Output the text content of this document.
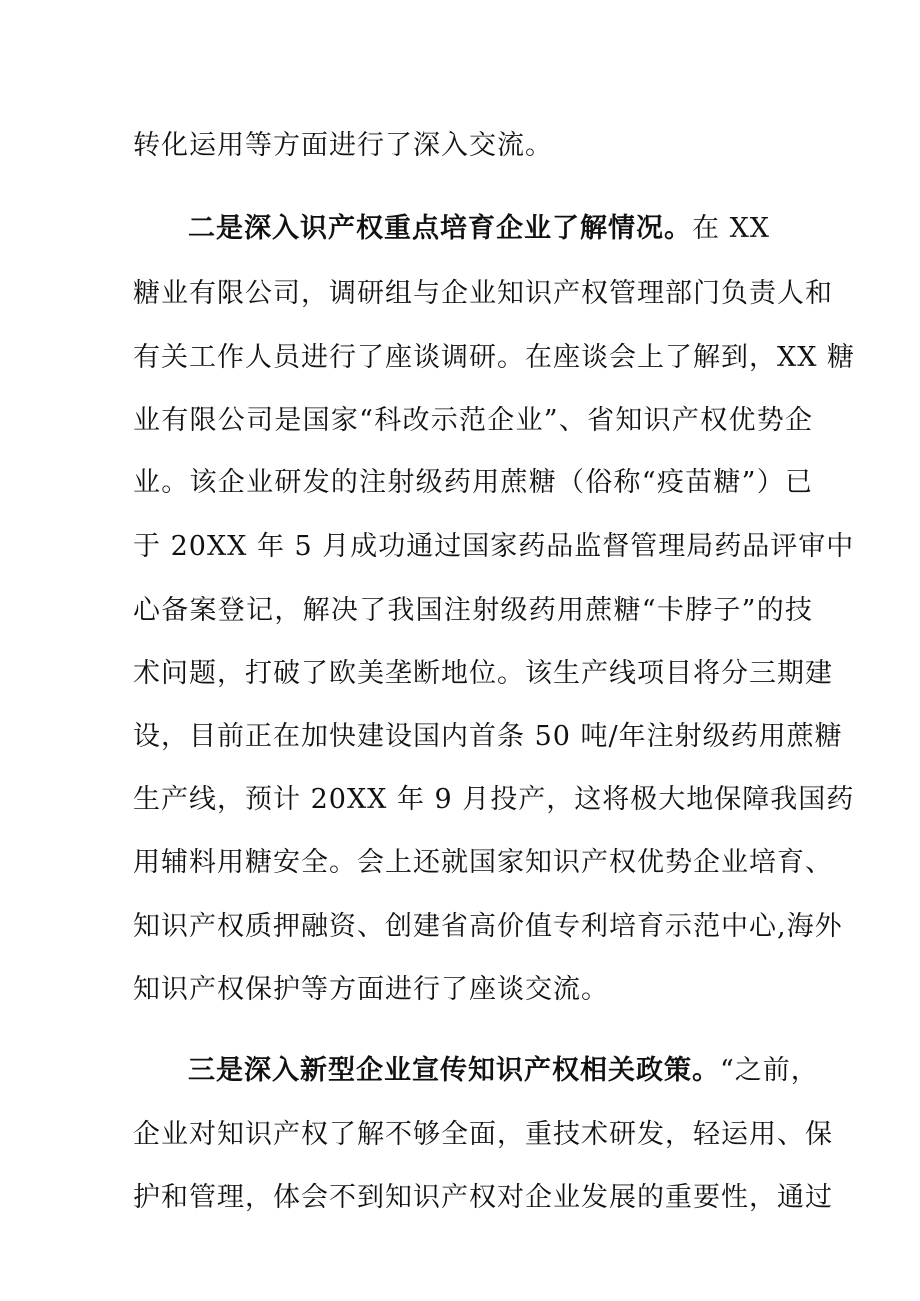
转化运用等方面进行了深入交流。
二是深入识产权重点培育企业了解情况。在 XX
糖业有限公司，调研组与企业知识产权管理部门负责人和
有关工作人员进行了座谈调研。在座谈会上了解到，XX 糖
业有限公司是国家“科改示范企业”、省知识产权优势企
业。该企业研发的注射级药用蔗糖（俗称“疫苗糖”）已
于 20XX 年 5 月成功通过国家药品监督管理局药品评审中
心备案登记，解决了我国注射级药用蔗糖“卡脖子”的技
术问题，打破了欧美垄断地位。该生产线项目将分三期建
设，目前正在加快建设国内首条 50 吨/年注射级药用蔗糖
生产线，预计 20XX 年 9 月投产，这将极大地保障我国药
用辅料用糖安全。会上还就国家知识产权优势企业培育、
知识产权质押融资、创建省高价值专利培育示范中心,海外
知识产权保护等方面进行了座谈交流。
三是深入新型企业宣传知识产权相关政策。“之前，
企业对知识产权了解不够全面，重技术研发，轻运用、保
护和管理，体会不到知识产权对企业发展的重要性，通过
